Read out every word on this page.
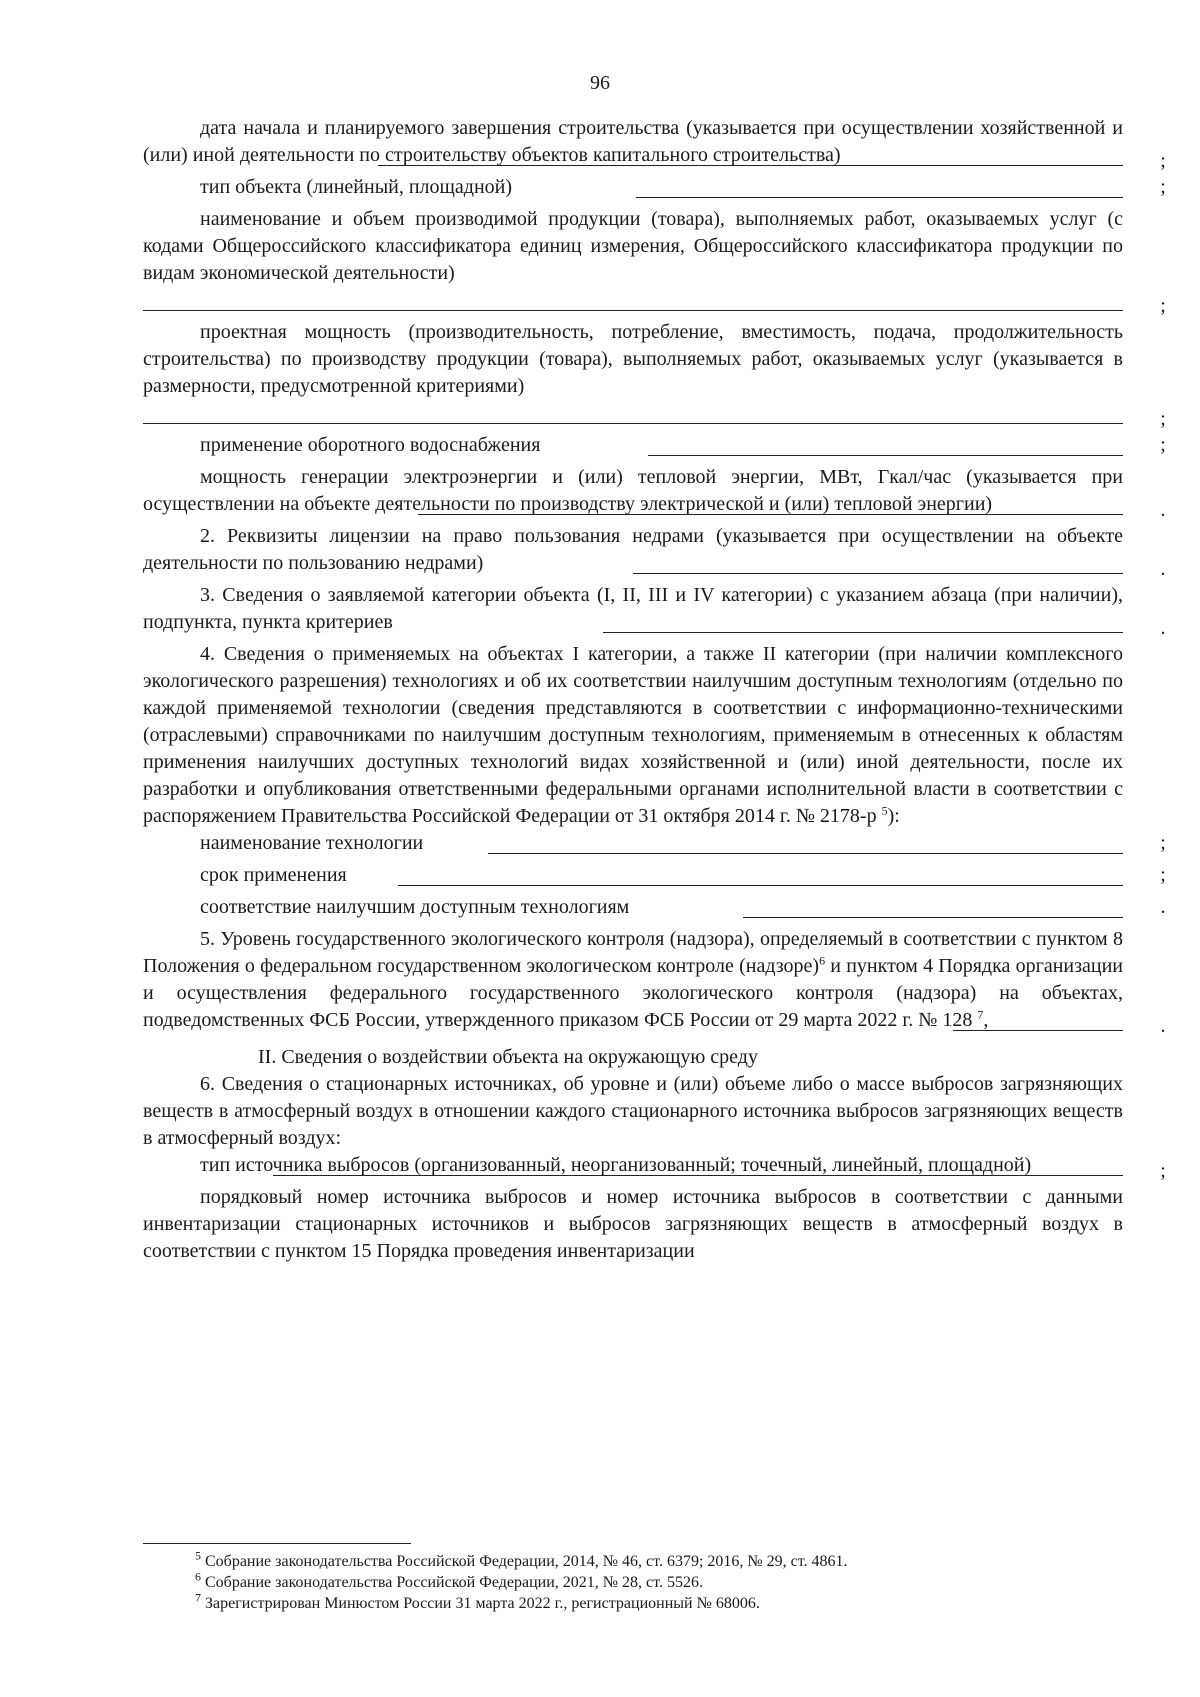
96

дата начала и планируемого завершения строительства (указывается при осуществлении хозяйственной и (или) иной деятельности по строительству объектов капитального строительства)	;
тип объекта (линейный, площадной)	;

наименование и объем производимой продукции (товара), выполняемых работ, оказываемых услуг (с кодами Общероссийского классификатора единиц измерения, Общероссийского классификатора продукции по видам экономической деятельности)

;

проектная мощность (производительность, потребление, вместимость, подача, продолжительность строительства) по производству продукции (товара), выполняемых работ, оказываемых услуг (указывается в размерности, предусмотренной критериями)

;
применение оборотного водоснабжения	;

мощность генерации электроэнергии и (или) тепловой энергии, МВт, Гкал/час (указывается при осуществлении на объекте деятельности по производству электрической и (или) тепловой энергии)	.

2. Реквизиты лицензии на право пользования недрами (указывается при осуществлении на объекте деятельности по пользованию недрами)	.

3. Сведения о заявляемой категории объекта (I, II, III и IV категории) с указанием абзаца (при наличии), подпункта, пункта критериев	.

4. Сведения о применяемых на объектах I категории, а также II категории (при наличии комплексного экологического разрешения) технологиях и об их соответствии наилучшим доступным технологиям (отдельно по каждой применяемой технологии (сведения представляются в соответствии с информационно-техническими (отраслевыми) справочниками по наилучшим доступным технологиям, применяемым в отнесенных к областям применения наилучших доступных технологий видах хозяйственной и (или) иной деятельности, после их разработки и опубликования ответственными федеральными органами исполнительной власти в соответствии с распоряжением Правительства Российской Федерации от 31 октября 2014 г. № 2178-р $^5$):

наименование технологии	;
срок применения	;
соответствие наилучшим доступным технологиям	.

5. Уровень государственного экологического контроля (надзора), определяемый в соответствии с пунктом 8 Положения о федеральном государственном экологическом контроле (надзоре)$^6$ и пунктом 4 Порядка организации и осуществления федерального государственного экологического контроля (надзора) на объектах, подведомственных ФСБ России, утвержденного приказом ФСБ России от 29 марта 2022 г. № 128 $^7$,	.

II. Сведения о воздействии объекта на окружающую среду

6. Сведения о стационарных источниках, об уровне и (или) объеме либо о массе выбросов загрязняющих веществ в атмосферный воздух в отношении каждого стационарного источника выбросов загрязняющих веществ в атмосферный воздух:

тип источника выбросов (организованный, неорганизованный; точечный, линейный, площадной)	;

порядковый номер источника выбросов и номер источника выбросов в соответствии с данными инвентаризации стационарных источников и выбросов загрязняющих веществ в атмосферный воздух в соответствии с пунктом 15 Порядка проведения инвентаризации

$^5$ Собрание законодательства Российской Федерации, 2014, № 46, ст. 6379; 2016, № 29, ст. 4861.

$^6$ Собрание законодательства Российской Федерации, 2021, № 28, ст. 5526.

$^7$ Зарегистрирован Минюстом России 31 марта 2022 г., регистрационный № 68006.
